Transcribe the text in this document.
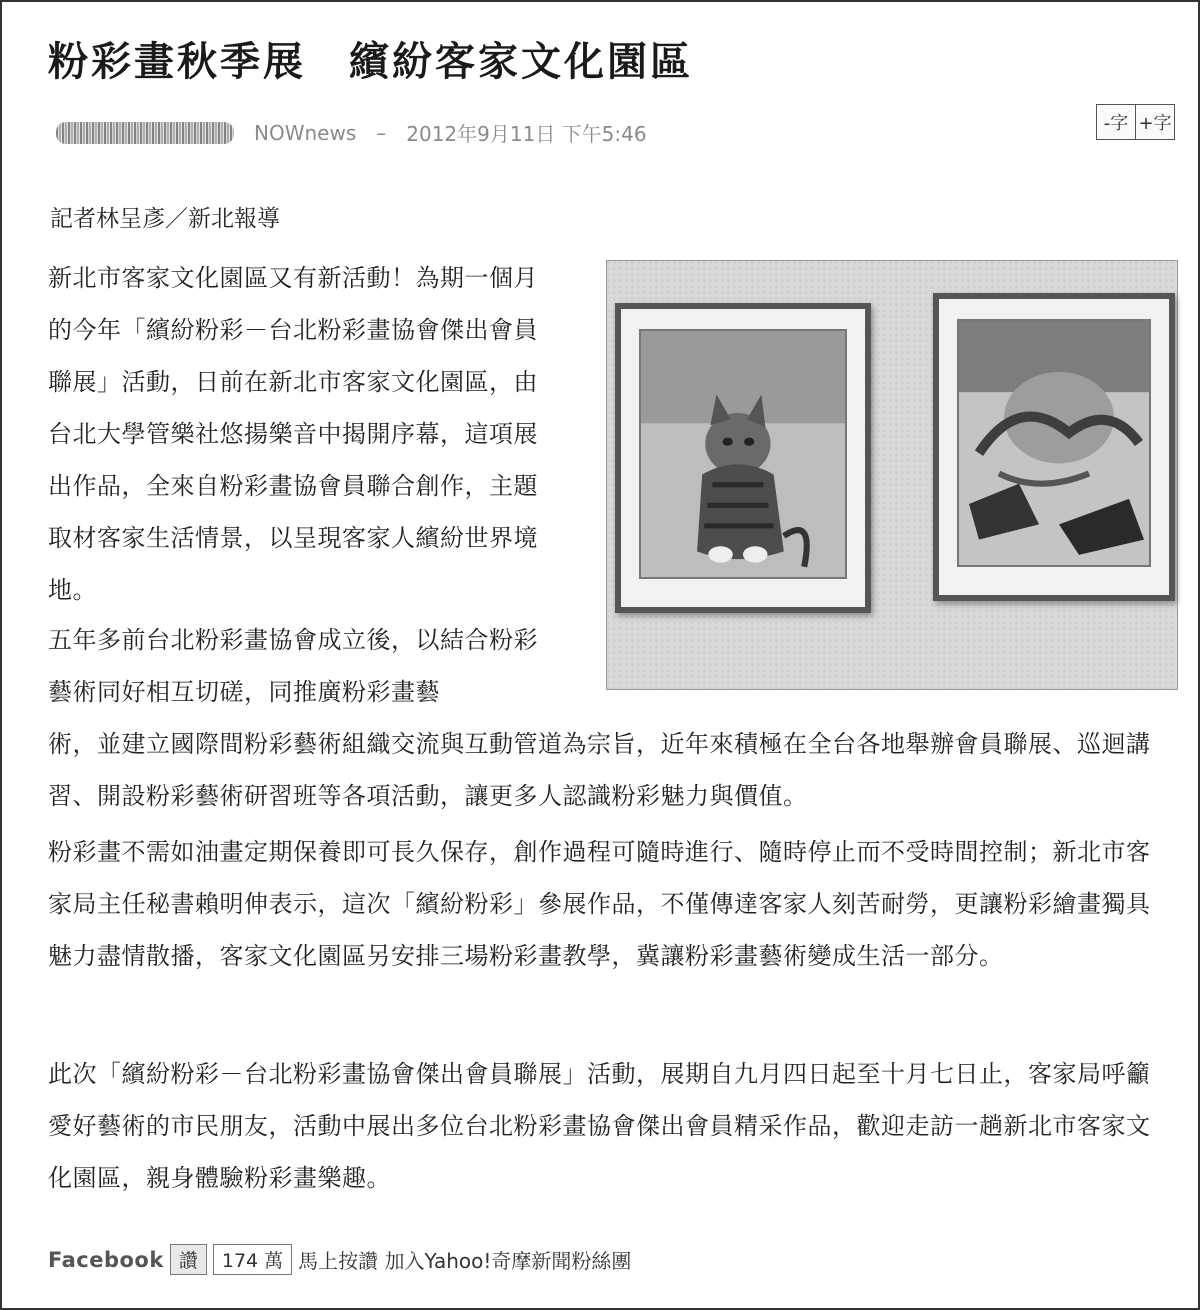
粉彩畫秋季展　繽紛客家文化園區
NOWnews – 2012年9月11日 下午5:46	-字 +字
記者林呈彥／新北報導

新北市客家文化園區又有新活動！為期一個月的今年「繽紛粉彩－台北粉彩畫協會傑出會員聯展」活動，日前在新北市客家文化園區，由台北大學管樂社悠揚樂音中揭開序幕，這項展出作品，全來自粉彩畫協會員聯合創作，主題取材客家生活情景，以呈現客家人繽紛世界境地。

五年多前台北粉彩畫協會成立後，以結合粉彩藝術同好相互切磋，同推廣粉彩畫藝
術，並建立國際間粉彩藝術組織交流與互動管道為宗旨，近年來積極在全台各地舉辦會員聯展、巡迴講習、開設粉彩藝術研習班等各項活動，讓更多人認識粉彩魅力與價值。

粉彩畫不需如油畫定期保養即可長久保存，創作過程可隨時進行、隨時停止而不受時間控制；新北市客家局主任秘書賴明伸表示，這次「繽紛粉彩」參展作品，不僅傳達客家人刻苦耐勞，更讓粉彩繪畫獨具魅力盡情散播，客家文化園區另安排三場粉彩畫教學，冀讓粉彩畫藝術變成生活一部分。

此次「繽紛粉彩－台北粉彩畫協會傑出會員聯展」活動，展期自九月四日起至十月七日止，客家局呼籲愛好藝術的市民朋友，活動中展出多位台北粉彩畫協會傑出會員精采作品，歡迎走訪一趟新北市客家文化園區，親身體驗粉彩畫樂趣。

Facebook 讚	174 萬 馬上按讚 加入Yahoo!奇摩新聞粉絲團
